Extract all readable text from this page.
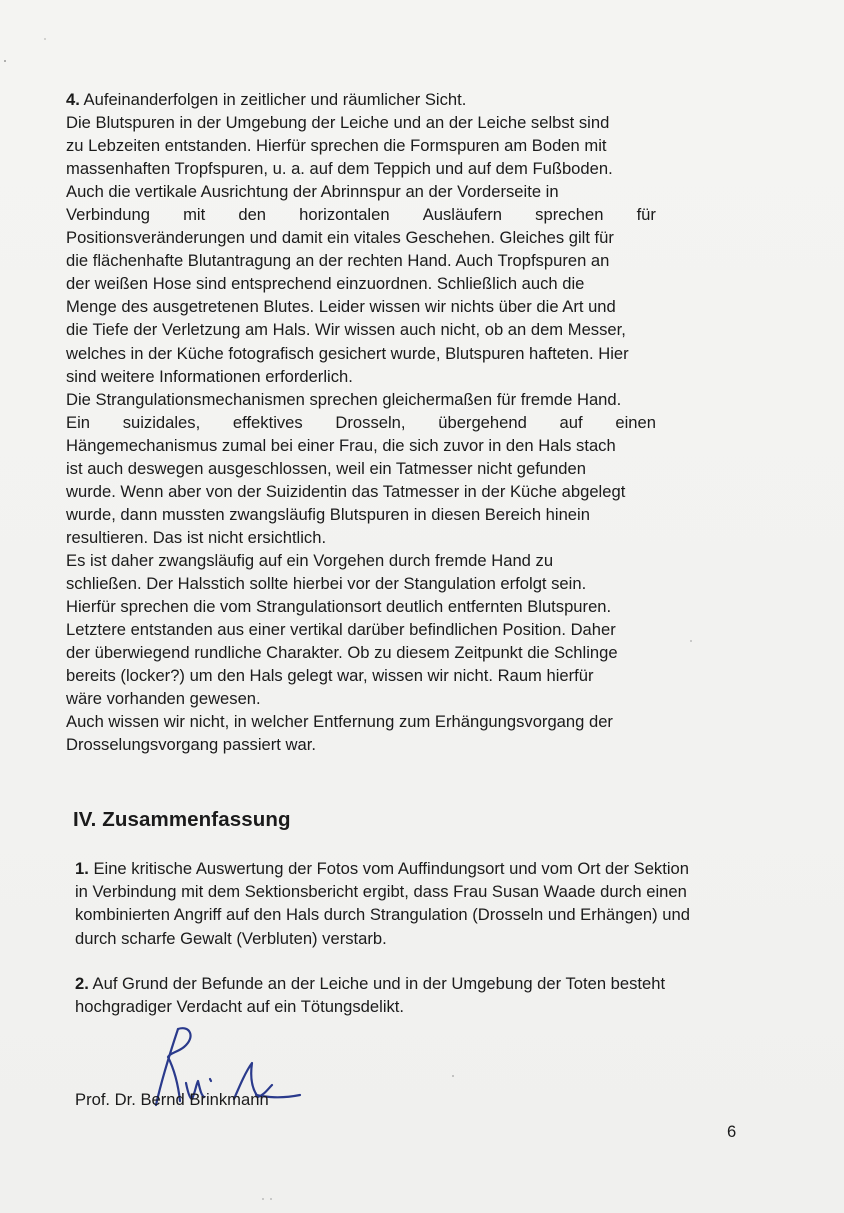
4. Aufeinanderfolgen in zeitlicher und räumlicher Sicht.
Die Blutspuren in der Umgebung der Leiche und an der Leiche selbst sind
zu Lebzeiten entstanden. Hierfür sprechen die Formspuren am Boden mit
massenhaften Tropfspuren, u. a. auf dem Teppich und auf dem Fußboden.
Auch die vertikale Ausrichtung der Abrinnspur an der Vorderseite in
Verbindung mit den horizontalen Ausläufern sprechen für
Positionsveränderungen und damit ein vitales Geschehen. Gleiches gilt für
die flächenhafte Blutantragung an der rechten Hand. Auch Tropfspuren an
der weißen Hose sind entsprechend einzuordnen. Schließlich auch die
Menge des ausgetretenen Blutes. Leider wissen wir nichts über die Art und
die Tiefe der Verletzung am Hals. Wir wissen auch nicht, ob an dem Messer,
welches in der Küche fotografisch gesichert wurde, Blutspuren hafteten. Hier
sind weitere Informationen erforderlich.
Die Strangulationsmechanismen sprechen gleichermaßen für fremde Hand.
Ein suizidales, effektives Drosseln, übergehend auf einen
Hängemechanismus zumal bei einer Frau, die sich zuvor in den Hals stach
ist auch deswegen ausgeschlossen, weil ein Tatmesser nicht gefunden
wurde. Wenn aber von der Suizidentin das Tatmesser in der Küche abgelegt
wurde, dann mussten zwangsläufig Blutspuren in diesen Bereich hinein
resultieren. Das ist nicht ersichtlich.
Es ist daher zwangsläufig auf ein Vorgehen durch fremde Hand zu
schließen. Der Halsstich sollte hierbei vor der Stangulation erfolgt sein.
Hierfür sprechen die vom Strangulationsort deutlich entfernten Blutspuren.
Letztere entstanden aus einer vertikal darüber befindlichen Position. Daher
der überwiegend rundliche Charakter. Ob zu diesem Zeitpunkt die Schlinge
bereits (locker?) um den Hals gelegt war, wissen wir nicht. Raum hierfür
wäre vorhanden gewesen.
Auch wissen wir nicht, in welcher Entfernung zum Erhängungsvorgang der
Drosselungsvorgang passiert war.
IV. Zusammenfassung
1. Eine kritische Auswertung der Fotos vom Auffindungsort und vom Ort der Sektion
in Verbindung mit dem Sektionsbericht ergibt, dass Frau Susan Waade durch einen
kombinierten Angriff auf den Hals durch Strangulation (Drosseln und Erhängen) und
durch scharfe Gewalt (Verbluten) verstarb.
2. Auf Grund der Befunde an der Leiche und in der Umgebung der Toten besteht
hochgradiger Verdacht auf ein Tötungsdelikt.
Prof. Dr. Bernd Brinkmann
6
